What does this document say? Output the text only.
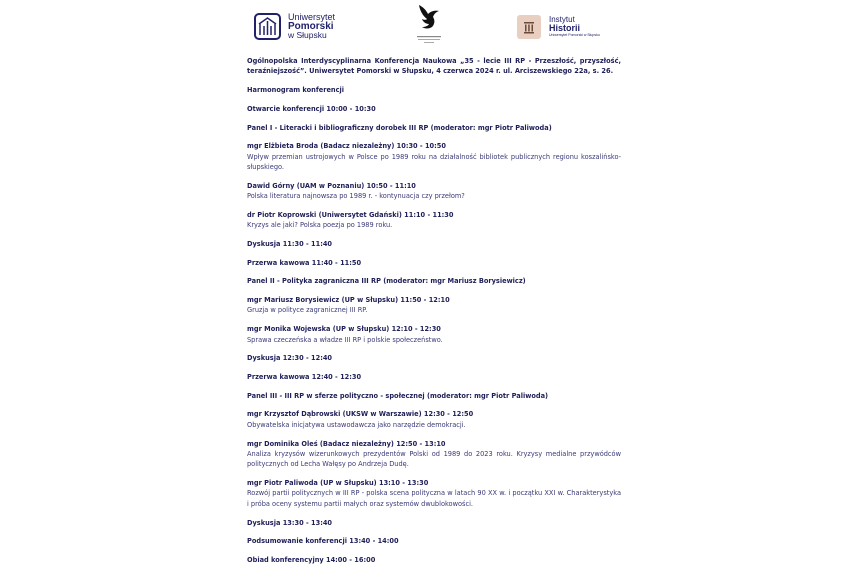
Uniwersytet
Pomorski
w Słupsku
Instytut
Historii
Uniwersytet Pomorski w Słupsku
Ogólnopolska Interdyscyplinarna Konferencja Naukowa „35 - lecie III RP - Przeszłość, przyszłość, teraźniejszość”. Uniwersytet Pomorski w Słupsku, 4 czerwca 2024 r. ul. Arciszewskiego 22a, s. 26.
Harmonogram konferencji
Otwarcie konferencji 10:00 - 10:30
Panel I - Literacki i bibliograficzny dorobek III RP (moderator: mgr Piotr Paliwoda)
mgr Elżbieta Broda (Badacz niezależny) 10:30 - 10:50
Wpływ przemian ustrojowych w Polsce po 1989 roku na działalność bibliotek publicznych regionu koszalińsko-słupskiego.
Dawid Górny (UAM w Poznaniu) 10:50 - 11:10
Polska literatura najnowsza po 1989 r. - kontynuacja czy przełom?
dr Piotr Koprowski (Uniwersytet Gdański) 11:10 - 11:30
Kryzys ale jaki? Polska poezja po 1989 roku.
Dyskusja 11:30 - 11:40
Przerwa kawowa 11:40 - 11:50
Panel II - Polityka zagraniczna III RP (moderator: mgr Mariusz Borysiewicz)
mgr Mariusz Borysiewicz (UP w Słupsku) 11:50 - 12:10
Gruzja w polityce zagranicznej III RP.
mgr Monika Wojewska (UP w Słupsku) 12:10 - 12:30
Sprawa czeczeńska a władze III RP i polskie społeczeństwo.
Dyskusja 12:30 - 12:40
Przerwa kawowa 12:40 - 12:30
Panel III - III RP w sferze polityczno - społecznej (moderator: mgr Piotr Paliwoda)
mgr Krzysztof Dąbrowski (UKSW w Warszawie) 12:30 - 12:50
Obywatelska inicjatywa ustawodawcza jako narzędzie demokracji.
mgr Dominika Oleś (Badacz niezależny) 12:50 - 13:10
Analiza kryzysów wizerunkowych prezydentów Polski od 1989 do 2023 roku. Kryzysy medialne przywódców politycznych od Lecha Wałęsy po Andrzeja Dudę.
mgr Piotr Paliwoda (UP w Słupsku) 13:10 - 13:30
Rozwój partii politycznych w III RP - polska scena polityczna w latach 90 XX w. i początku XXI w. Charakterystyka i próba oceny systemu partii małych oraz systemów dwublokowości.
Dyskusja 13:30 - 13:40
Podsumowanie konferencji 13:40 - 14:00
Obiad konferencyjny 14:00 - 16:00
